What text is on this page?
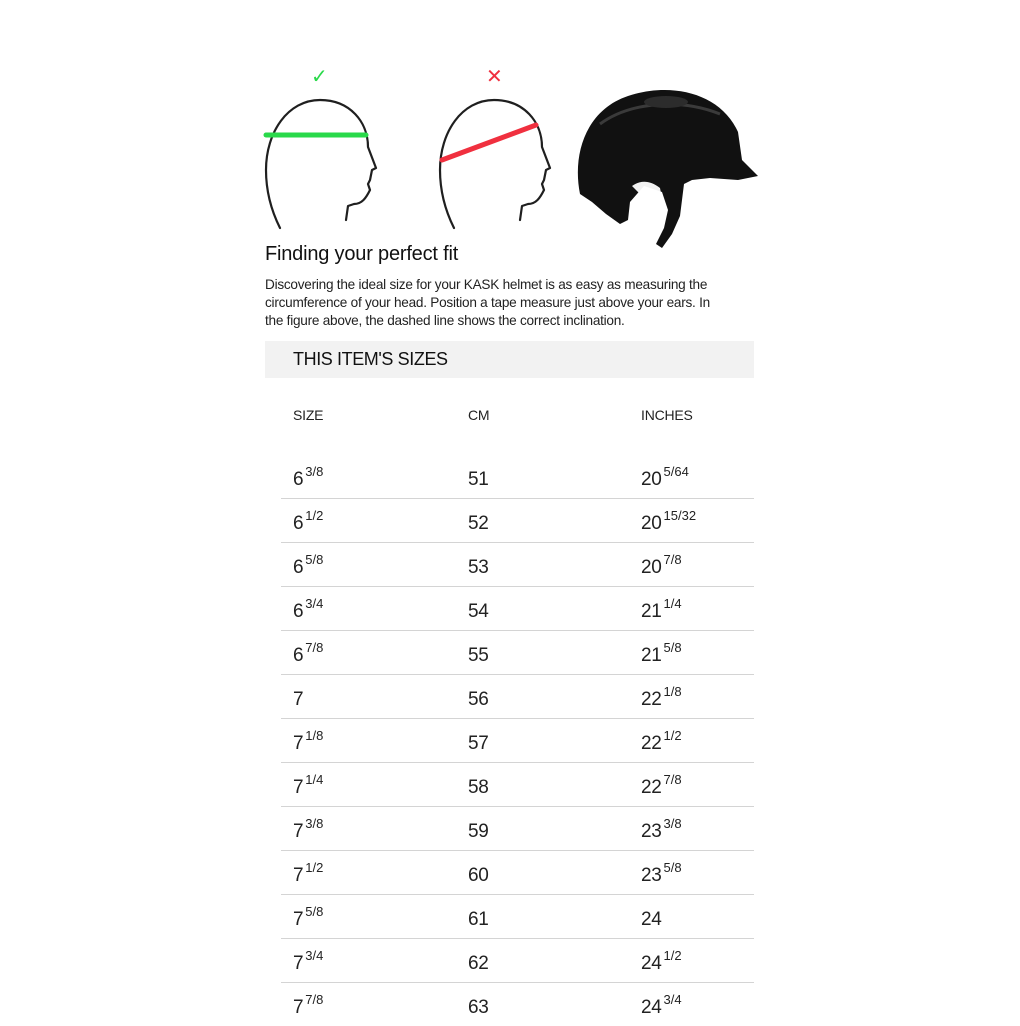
✓	✕
Finding your perfect fit
Discovering the ideal size for your KASK helmet is as easy as measuring the
circumference of your head. Position a tape measure just above your ears. In
the figure above, the dashed line shows the correct inclination.
THIS ITEM'S SIZES
SIZE	CM	INCHES
6 $^{3/8}$	51	20 $^{5/64}$
6 $^{1/2}$	52	20 $^{15/32}$
6 $^{5/8}$	53	20 $^{7/8}$
6 $^{3/4}$	54	21 $^{1/4}$
6 $^{7/8}$	55	21 $^{5/8}$
7	56	22 $^{1/8}$
7 $^{1/8}$	57	22 $^{1/2}$
7 $^{1/4}$	58	22 $^{7/8}$
7 $^{3/8}$	59	23 $^{3/8}$
7 $^{1/2}$	60	23 $^{5/8}$
7 $^{5/8}$	61	24
7 $^{3/4}$	62	24 $^{1/2}$
7 $^{7/8}$	63	24 $^{3/4}$
